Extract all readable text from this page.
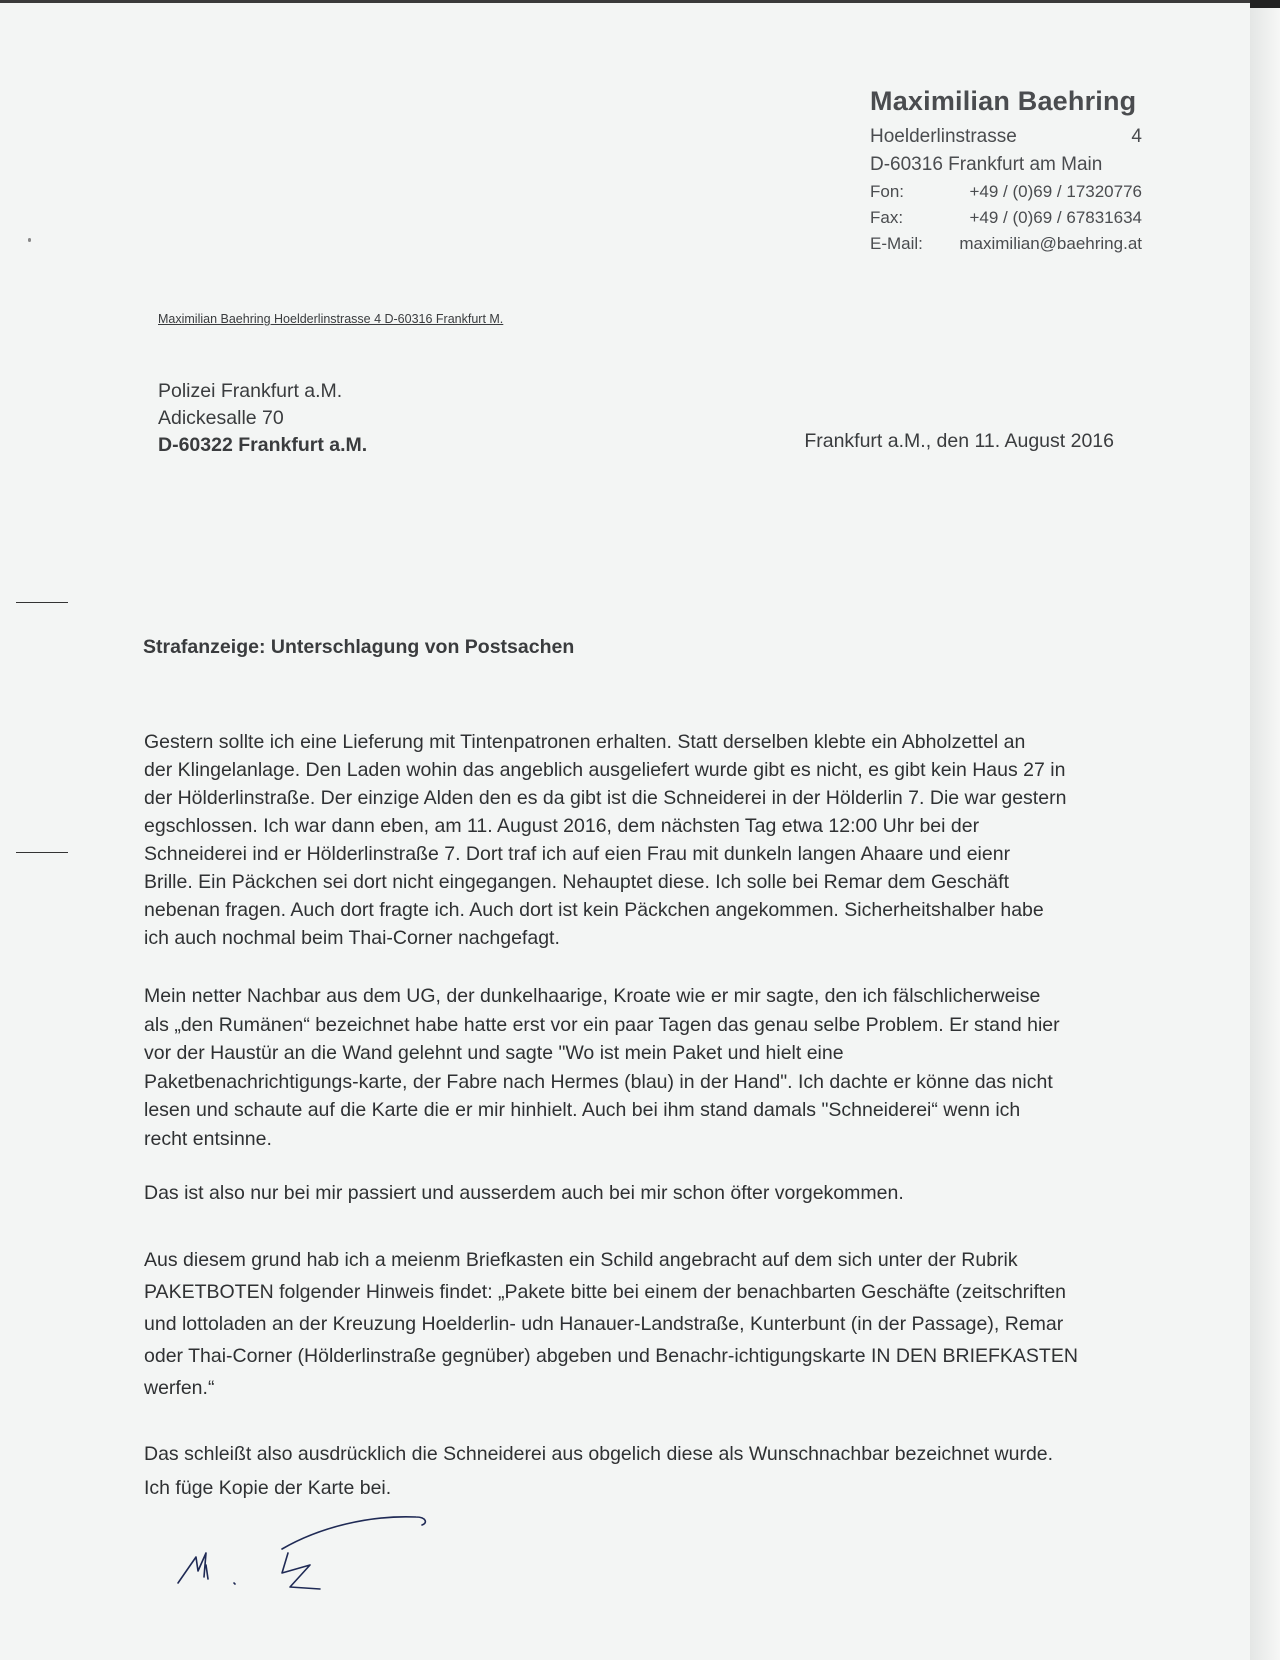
Maximilian Baehring
Hoelderlinstrasse	4
D-60316 Frankfurt am Main
Fon:	+49 / (0)69 / 17320776
Fax:	+49 / (0)69 / 67831634
E-Mail:	maximilian@baehring.at
Maximilian Baehring Hoelderlinstrasse 4 D-60316 Frankfurt M.
Polizei Frankfurt a.M.
Adickesalle 70
D-60322 Frankfurt a.M.	Frankfurt a.M., den 11. August 2016
Strafanzeige: Unterschlagung von Postsachen

Gestern sollte ich eine Lieferung mit Tintenpatronen erhalten. Statt derselben klebte ein Abholzettel an
der Klingelanlage. Den Laden wohin das angeblich ausgeliefert wurde gibt es nicht, es gibt kein Haus 27 in
der Hölderlinstraße. Der einzige Alden den es da gibt ist die Schneiderei in der Hölderlin 7. Die war gestern
egschlossen. Ich war dann eben, am 11. August 2016, dem nächsten Tag etwa 12:00 Uhr bei der
Schneiderei ind er Hölderlinstraße 7. Dort traf ich auf eien Frau mit dunkeln langen Ahaare und eienr
Brille. Ein Päckchen sei dort nicht eingegangen. Nehauptet diese. Ich solle bei Remar dem Geschäft
nebenan fragen. Auch dort fragte ich. Auch dort ist kein Päckchen angekommen. Sicherheitshalber habe
ich auch nochmal beim Thai-Corner nachgefagt.

Mein netter Nachbar aus dem UG, der dunkelhaarige, Kroate wie er mir sagte, den ich fälschlicherweise
als „den Rumänen“ bezeichnet habe hatte erst vor ein paar Tagen das genau selbe Problem. Er stand hier
vor der Haustür an die Wand gelehnt und sagte "Wo ist mein Paket und hielt eine
Paketbenachrichtigungs-karte, der Fabre nach Hermes (blau) in der Hand". Ich dachte er könne das nicht
lesen und schaute auf die Karte die er mir hinhielt. Auch bei ihm stand damals "Schneiderei“ wenn ich
recht entsinne.

Das ist also nur bei mir passiert und ausserdem auch bei mir schon öfter vorgekommen.

Aus diesem grund hab ich a meienm Briefkasten ein Schild angebracht auf dem sich unter der Rubrik
PAKETBOTEN folgender Hinweis findet: „Pakete bitte bei einem der benachbarten Geschäfte (zeitschriften
und lottoladen an der Kreuzung Hoelderlin- udn Hanauer-Landstraße, Kunterbunt (in der Passage), Remar
oder Thai-Corner (Hölderlinstraße gegnüber) abgeben und Benachr-ichtigungskarte IN DEN BRIEFKASTEN
werfen.“

Das schleißt also ausdrücklich die Schneiderei aus obgelich diese als Wunschnachbar bezeichnet wurde.
Ich füge Kopie der Karte bei.
